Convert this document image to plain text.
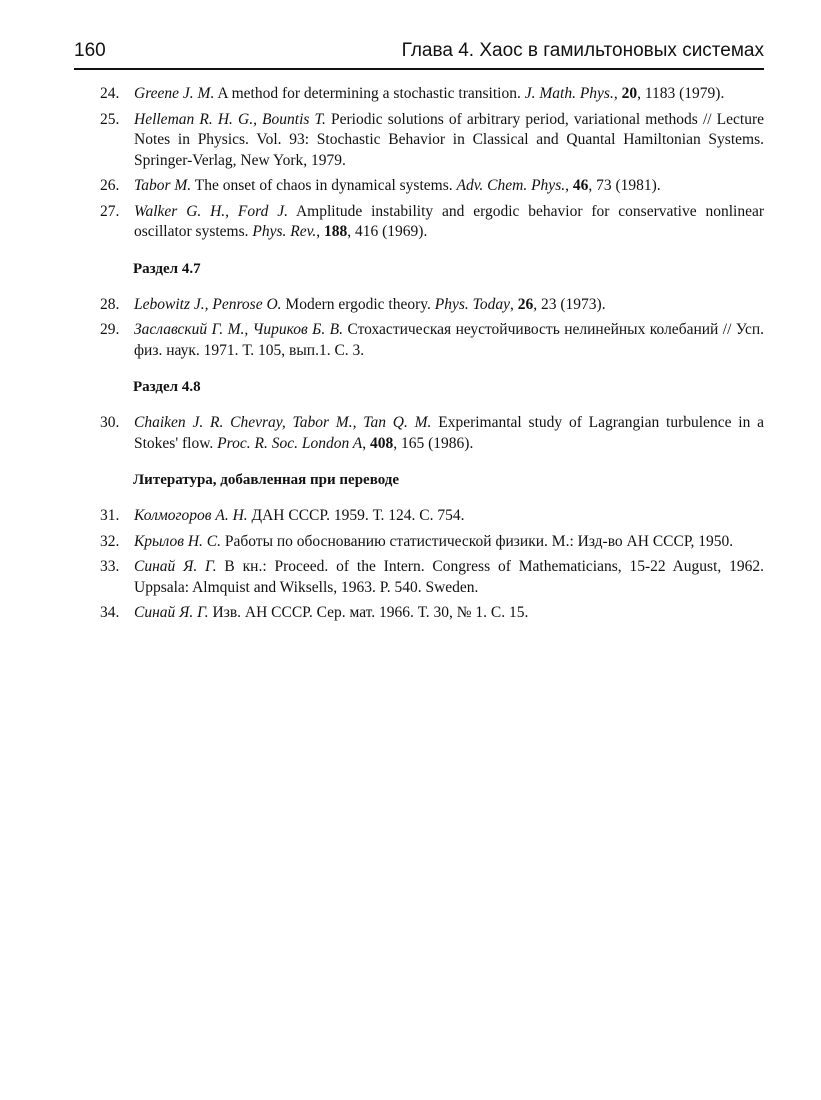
160	Глава 4. Хаос в гамильтоновых системах
24. Greene J. M. A method for determining a stochastic transition. J. Math. Phys., 20, 1183 (1979).
25. Helleman R. H. G., Bountis T. Periodic solutions of arbitrary period, variational methods // Lecture Notes in Physics. Vol. 93: Stochastic Behavior in Classical and Quantal Hamiltonian Systems. Springer-Verlag, New York, 1979.
26. Tabor M. The onset of chaos in dynamical systems. Adv. Chem. Phys., 46, 73 (1981).
27. Walker G. H., Ford J. Amplitude instability and ergodic behavior for conservative nonlinear oscillator systems. Phys. Rev., 188, 416 (1969).
Раздел 4.7
28. Lebowitz J., Penrose O. Modern ergodic theory. Phys. Today, 26, 23 (1973).
29. Заславский Г. М., Чириков Б. В. Стохастическая неустойчивость нелинейных колебаний // Усп. физ. наук. 1971. Т. 105, вып.1. С. 3.
Раздел 4.8
30. Chaiken J. R. Chevray, Tabor M., Tan Q. M. Experimantal study of Lagrangian turbulence in a Stokes' flow. Proc. R. Soc. London A, 408, 165 (1986).
Литература, добавленная при переводе
31. Колмогоров А. Н. ДАН СССР. 1959. Т. 124. С. 754.
32. Крылов Н. С. Работы по обоснованию статистической физики. М.: Изд-во АН СССР, 1950.
33. Синай Я. Г. В кн.: Proceed. of the Intern. Congress of Mathematicians, 15-22 August, 1962. Uppsala: Almquist and Wiksells, 1963. P. 540. Sweden.
34. Синай Я. Г. Изв. АН СССР. Сер. мат. 1966. Т. 30, № 1. С. 15.
